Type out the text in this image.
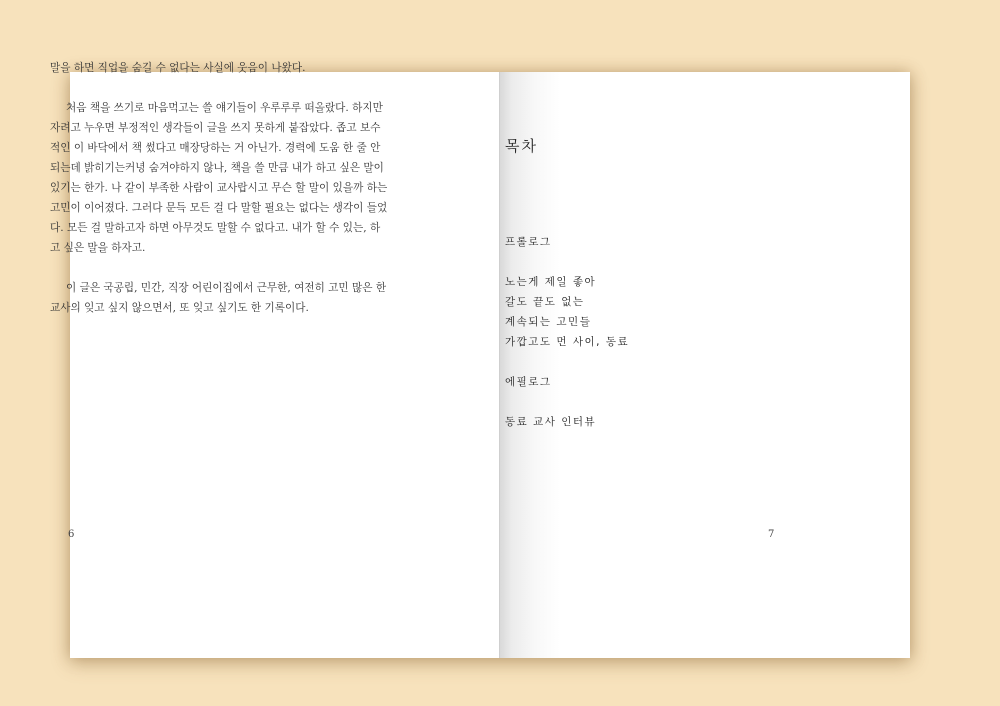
말을 하면 직업을 숨길 수 없다는 사실에 웃음이 나왔다.

처음 책을 쓰기로 마음먹고는 쓸 얘기들이 우루루루 떠올랐다. 하지만 자려고 누우면 부정적인 생각들이 글을 쓰지 못하게 붙잡았다. 좁고 보수적인 이 바닥에서 책 썼다고 매장당하는 거 아닌가. 경력에 도움 한 줄 안 되는데 밝히기는커녕 숨겨야하지 않나, 책을 쓸 만큼 내가 하고 싶은 말이 있기는 한가. 나 같이 부족한 사람이 교사랍시고 무슨 할 말이 있을까 하는 고민이 이어졌다. 그러다 문득 모든 걸 다 말할 필요는 없다는 생각이 들었다. 모든 걸 말하고자 하면 아무것도 말할 수 없다고. 내가 할 수 있는, 하고 싶은 말을 하자고.

이 글은 국공립, 민간, 직장 어린이집에서 근무한, 여전히 고민 많은 한 교사의 잊고 싶지 않으면서, 또 잊고 싶기도 한 기록이다.

6
목차
프롤로그
노는게 제일 좋아
갈도 끝도 없는
계속되는 고민들
가깝고도 먼 사이, 동료
에필로그
동료 교사 인터뷰
7
